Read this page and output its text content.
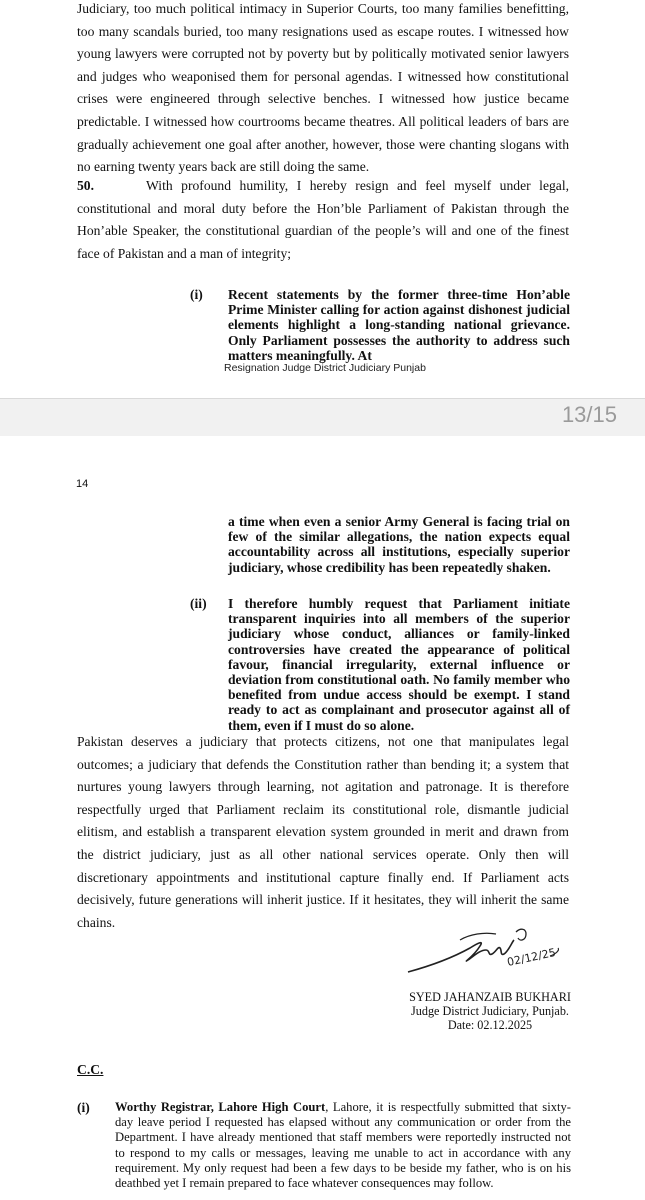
Judiciary, too much political intimacy in Superior Courts, too many families benefitting, too many scandals buried, too many resignations used as escape routes. I witnessed how young lawyers were corrupted not by poverty but by politically motivated senior lawyers and judges who weaponised them for personal agendas. I witnessed how constitutional crises were engineered through selective benches. I witnessed how justice became predictable. I witnessed how courtrooms became theatres. All political leaders of bars are gradually achievement one goal after another, however, those were chanting slogans with no earning twenty years back are still doing the same.

50.	With profound humility, I hereby resign and feel myself under legal, constitutional and moral duty before the Hon’ble Parliament of Pakistan through the Hon’able Speaker, the constitutional guardian of the people’s will and one of the finest face of Pakistan and a man of integrity;

(i) Recent statements by the former three-time Hon’able Prime Minister calling for action against dishonest judicial elements highlight a long-standing national grievance. Only Parliament possesses the authority to address such matters meaningfully. At

Resignation Judge District Judiciary Punjab
13/15
14

a time when even a senior Army General is facing trial on few of the similar allegations, the nation expects equal accountability across all institutions, especially superior judiciary, whose credibility has been repeatedly shaken.

(ii) I therefore humbly request that Parliament initiate transparent inquiries into all members of the superior judiciary whose conduct, alliances or family-linked controversies have created the appearance of political favour, financial irregularity, external influence or deviation from constitutional oath. No family member who benefited from undue access should be exempt. I stand ready to act as complainant and prosecutor against all of them, even if I must do so alone.

Pakistan deserves a judiciary that protects citizens, not one that manipulates legal outcomes; a judiciary that defends the Constitution rather than bending it; a system that nurtures young lawyers through learning, not agitation and patronage. It is therefore respectfully urged that Parliament reclaim its constitutional role, dismantle judicial elitism, and establish a transparent elevation system grounded in merit and drawn from the district judiciary, just as all other national services operate. Only then will discretionary appointments and institutional capture finally end. If Parliament acts decisively, future generations will inherit justice. If it hesitates, they will inherit the same chains.

02/12/25
SYED JAHANZAIB BUKHARI
Judge District Judiciary, Punjab.
Date: 02.12.2025
C.C.
(i) Worthy Registrar, Lahore High Court, Lahore, it is respectfully submitted that sixty-day leave period I requested has elapsed without any communication or order from the Department. I have already mentioned that staff members were reportedly instructed not to respond to my calls or messages, leaving me unable to act in accordance with any requirement. My only request had been a few days to be beside my father, who is on his deathbed yet I remain prepared to face whatever consequences may follow.
